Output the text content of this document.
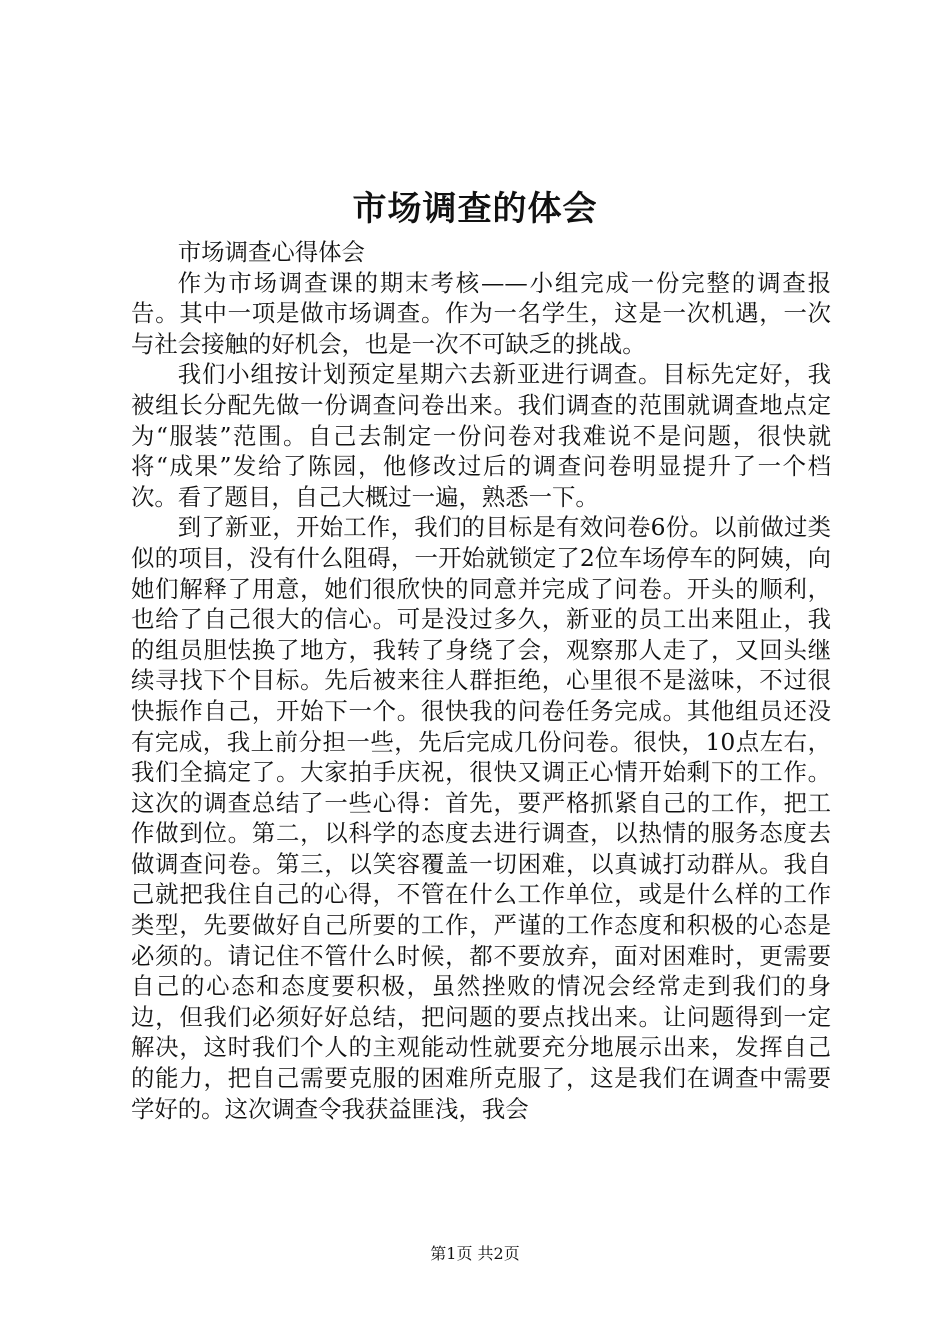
市场调查的体会

市场调查心得体会

作为市场调查课的期末考核——小组完成一份完整的调查报告。其中一项是做市场调查。作为一名学生，这是一次机遇，一次与社会接触的好机会，也是一次不可缺乏的挑战。

我们小组按计划预定星期六去新亚进行调查。目标先定好，我被组长分配先做一份调查问卷出来。我们调查的范围就调查地点定为“服装”范围。自己去制定一份问卷对我难说不是问题，很快就将“成果”发给了陈园，他修改过后的调查问卷明显提升了一个档次。看了题目，自己大概过一遍，熟悉一下。

到了新亚，开始工作，我们的目标是有效问卷6份。以前做过类似的项目，没有什么阻碍，一开始就锁定了2位车场停车的阿姨，向她们解释了用意，她们很欣快的同意并完成了问卷。开头的顺利，也给了自己很大的信心。可是没过多久，新亚的员工出来阻止，我的组员胆怯换了地方，我转了身绕了会，观察那人走了，又回头继续寻找下个目标。先后被来往人群拒绝，心里很不是滋味，不过很快振作自己，开始下一个。很快我的问卷任务完成。其他组员还没有完成，我上前分担一些，先后完成几份问卷。很快，10点左右，我们全搞定了。大家拍手庆祝，很快又调正心情开始剩下的工作。这次的调查总结了一些心得：首先，要严格抓紧自己的工作，把工作做到位。第二，以科学的态度去进行调查，以热情的服务态度去做调查问卷。第三，以笑容覆盖一切困难，以真诚打动群从。我自己就把我住自己的心得，不管在什么工作单位，或是什么样的工作类型，先要做好自己所要的工作，严谨的工作态度和积极的心态是必须的。请记住不管什么时候，都不要放弃，面对困难时，更需要自己的心态和态度要积极，虽然挫败的情况会经常走到我们的身边，但我们必须好好总结，把问题的要点找出来。让问题得到一定解决，这时我们个人的主观能动性就要充分地展示出来，发挥自己的能力，把自己需要克服的困难所克服了，这是我们在调查中需要学好的。这次调查令我获益匪浅，我会

第1页 共2页
